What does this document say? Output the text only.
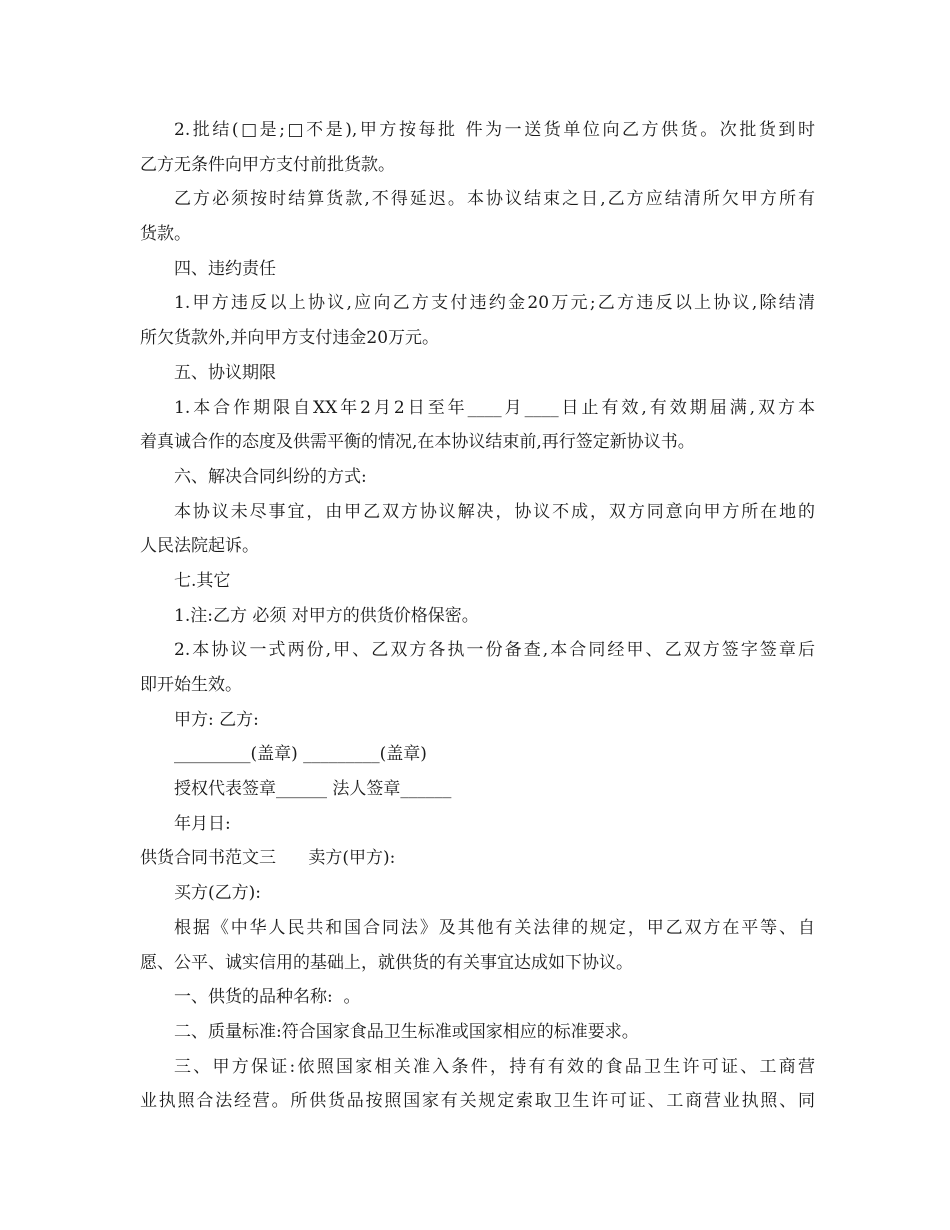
2.批结(□是;□不是),甲方按每批 件为一送货单位向乙方供货。次批货到时
乙方无条件向甲方支付前批货款。
乙方必须按时结算货款,不得延迟。本协议结束之日,乙方应结清所欠甲方所有
货款。
四、违约责任
1.甲方违反以上协议,应向乙方支付违约金20万元;乙方违反以上协议,除结清
所欠货款外,并向甲方支付违金20万元。
五、协议期限
1.本合作期限自XX年2月2日至年____月____日止有效,有效期届满,双方本
着真诚合作的态度及供需平衡的情况,在本协议结束前,再行签定新协议书。
六、解决合同纠纷的方式:
本协议未尽事宜，由甲乙双方协议解决，协议不成，双方同意向甲方所在地的
人民法院起诉。
七.其它
1.注:乙方 必须 对甲方的供货价格保密。
2.本协议一式两份,甲、乙双方各执一份备查,本合同经甲、乙双方签字签章后
即开始生效。
甲方: 乙方:
_________(盖章) _________(盖章)
授权代表签章______ 法人签章______
年月日:
供货合同书范文三      卖方(甲方):
买方(乙方):
根据《中华人民共和国合同法》及其他有关法律的规定，甲乙双方在平等、自
愿、公平、诚实信用的基础上，就供货的有关事宜达成如下协议。
一、供货的品种名称:  。
二、质量标准:符合国家食品卫生标准或国家相应的标准要求。
三、甲方保证:依照国家相关准入条件，持有有效的食品卫生许可证、工商营
业执照合法经营。所供货品按照国家有关规定索取卫生许可证、工商营业执照、同
